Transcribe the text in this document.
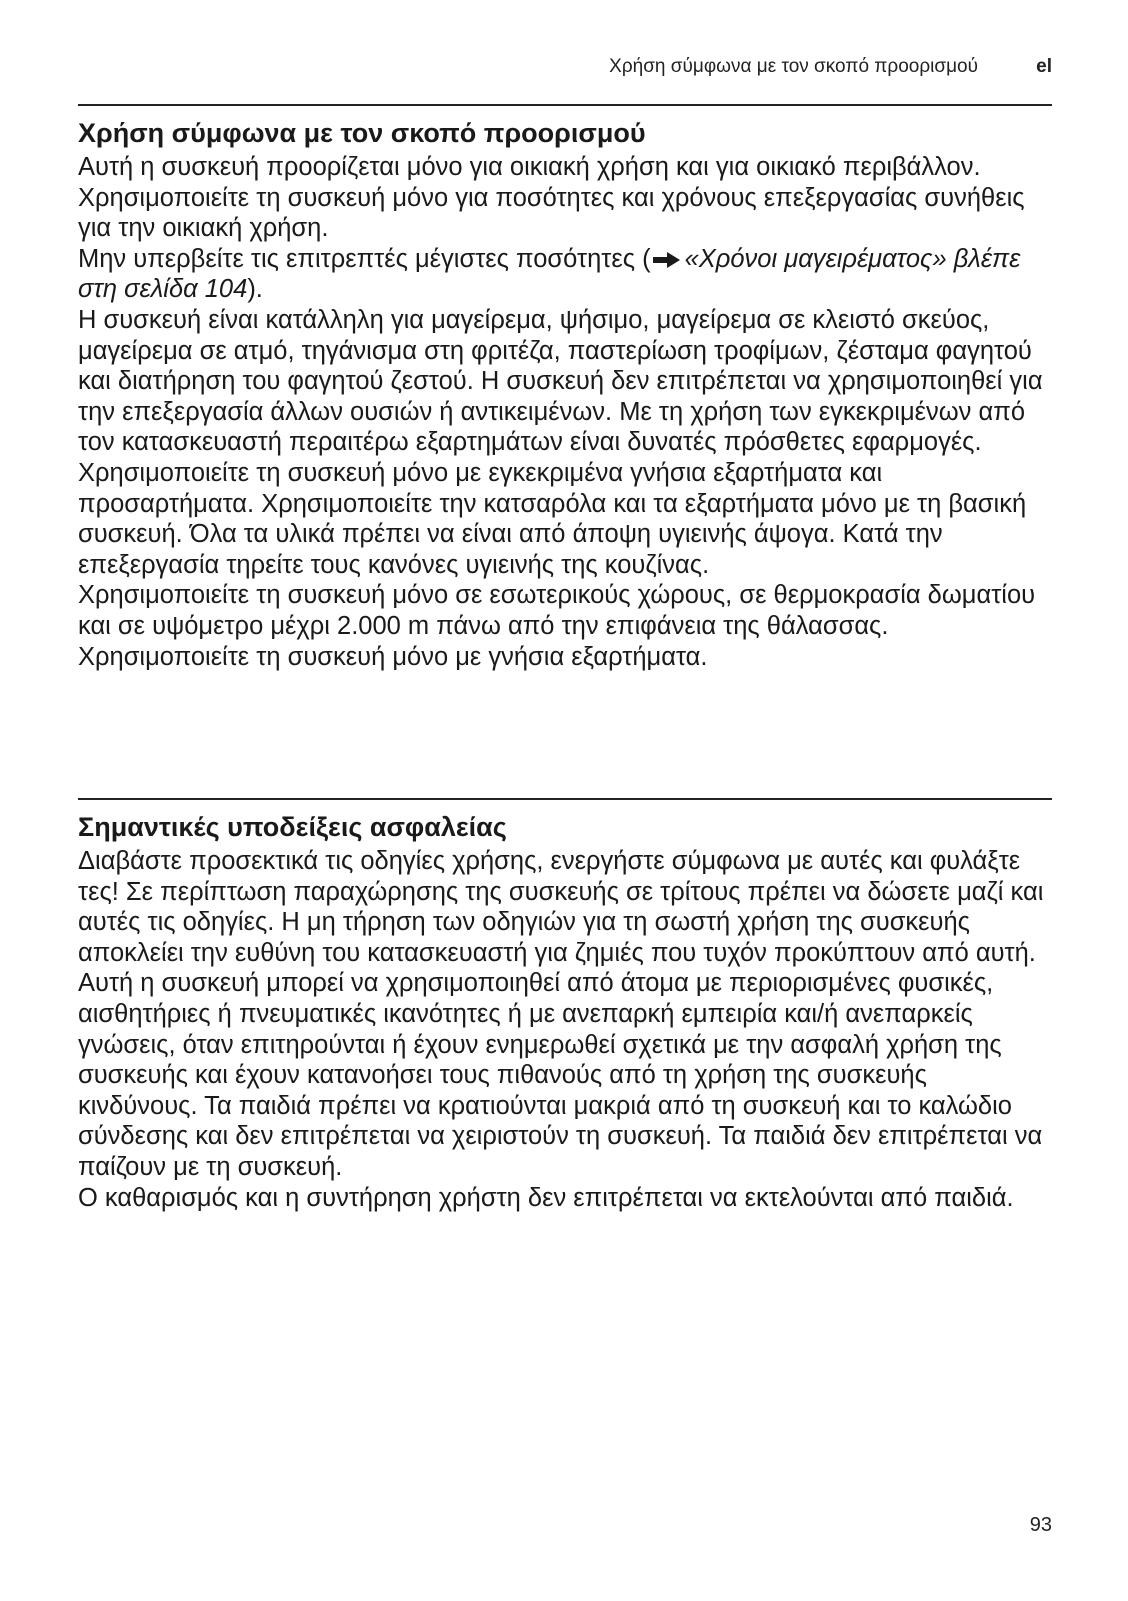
Χρήση σύμφωνα με τον σκοπό προορισμού	el
Χρήση σύμφωνα με τον σκοπό προορισμού

Αυτή η συσκευή προορίζεται μόνο για οικιακή χρήση και για οικιακό περιβάλλον. Χρησιμοποιείτε τη συσκευή μόνο για ποσότητες και χρόνους επεξεργασίας συνήθεις για την οικιακή χρήση.

Μην υπερβείτε τις επιτρεπτές μέγιστες ποσότητες ( «Χρόνοι μαγειρέματος» βλέπε στη σελίδα 104).

Η συσκευή είναι κατάλληλη για μαγείρεμα, ψήσιμο, μαγείρεμα σε κλειστό σκεύος, μαγείρεμα σε ατμό, τηγάνισμα στη φριτέζα, παστερίωση τροφίμων, ζέσταμα φαγητού και διατήρηση του φαγητού ζεστού. Η συσκευή δεν επιτρέπεται να χρησιμοποιηθεί για την επεξεργασία άλλων ουσιών ή αντικειμένων. Με τη χρήση των εγκεκριμένων από τον κατασκευαστή περαιτέρω εξαρτημάτων είναι δυνατές πρόσθετες εφαρμογές. Χρησιμοποιείτε τη συσκευή μόνο με εγκεκριμένα γνήσια εξαρτήματα και προσαρτήματα. Χρησιμοποιείτε την κατσαρόλα και τα εξαρτήματα μόνο με τη βασική συσκευή. Όλα τα υλικά πρέπει να είναι από άποψη υγιεινής άψογα. Κατά την επεξεργασία τηρείτε τους κανόνες υγιεινής της κουζίνας.

Χρησιμοποιείτε τη συσκευή μόνο σε εσωτερικούς χώρους, σε θερμοκρασία δωματίου και σε υψόμετρο μέχρι 2.000 m πάνω από την επιφάνεια της θάλασσας.

Χρησιμοποιείτε τη συσκευή μόνο με γνήσια εξαρτήματα.

Σημαντικές υποδείξεις ασφαλείας

Διαβάστε προσεκτικά τις οδηγίες χρήσης, ενεργήστε σύμφωνα με αυτές και φυλάξτε τες! Σε περίπτωση παραχώρησης της συσκευής σε τρίτους πρέπει να δώσετε μαζί και αυτές τις οδηγίες. Η μη τήρηση των οδηγιών για τη σωστή χρήση της συσκευής αποκλείει την ευθύνη του κατασκευαστή για ζημιές που τυχόν προκύπτουν από αυτή.

Αυτή η συσκευή μπορεί να χρησιμοποιηθεί από άτομα με περιορισμένες φυσικές, αισθητήριες ή πνευματικές ικανότητες ή με ανεπαρκή εμπειρία και/ή ανεπαρκείς γνώσεις, όταν επιτηρούνται ή έχουν ενημερωθεί σχετικά με την ασφαλή χρήση της συσκευής και έχουν κατανοήσει τους πιθανούς από τη χρήση της συσκευής κινδύνους. Τα παιδιά πρέπει να κρατιούνται μακριά από τη συσκευή και το καλώδιο σύνδεσης και δεν επιτρέπεται να χειριστούν τη συσκευή. Τα παιδιά δεν επιτρέπεται να παίζουν με τη συσκευή.

Ο καθαρισμός και η συντήρηση χρήστη δεν επιτρέπεται να εκτελούνται από παιδιά.

93
